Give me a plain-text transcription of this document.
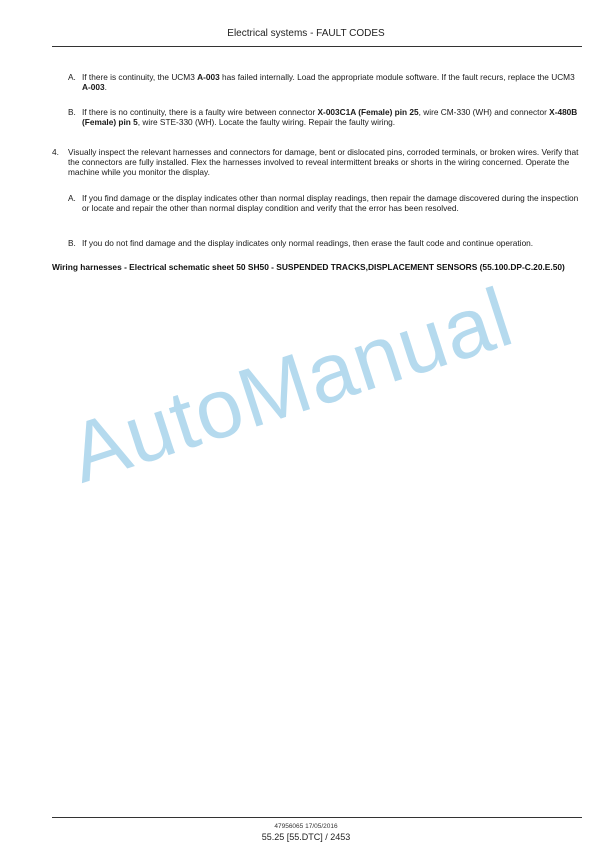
Electrical systems - FAULT CODES
A. If there is continuity, the UCM3 A-003 has failed internally. Load the appropriate module software. If the fault recurs, replace the UCM3 A-003.
B. If there is no continuity, there is a faulty wire between connector X-003C1A (Female) pin 25, wire CM-330 (WH) and connector X-480B (Female) pin 5, wire STE-330 (WH). Locate the faulty wiring. Repair the faulty wiring.
4. Visually inspect the relevant harnesses and connectors for damage, bent or dislocated pins, corroded terminals, or broken wires. Verify that the connectors are fully installed. Flex the harnesses involved to reveal intermittent breaks or shorts in the wiring concerned. Operate the machine while you monitor the display.
A. If you find damage or the display indicates other than normal display readings, then repair the damage discovered during the inspection or locate and repair the other than normal display condition and verify that the error has been resolved.
B. If you do not find damage and the display indicates only normal readings, then erase the fault code and continue operation.
Wiring harnesses - Electrical schematic sheet 50 SH50 - SUSPENDED TRACKS,DISPLACEMENT SENSORS (55.100.DP-C.20.E.50)
AutoManual
47956065 17/05/2016
55.25 [55.DTC] / 2453
